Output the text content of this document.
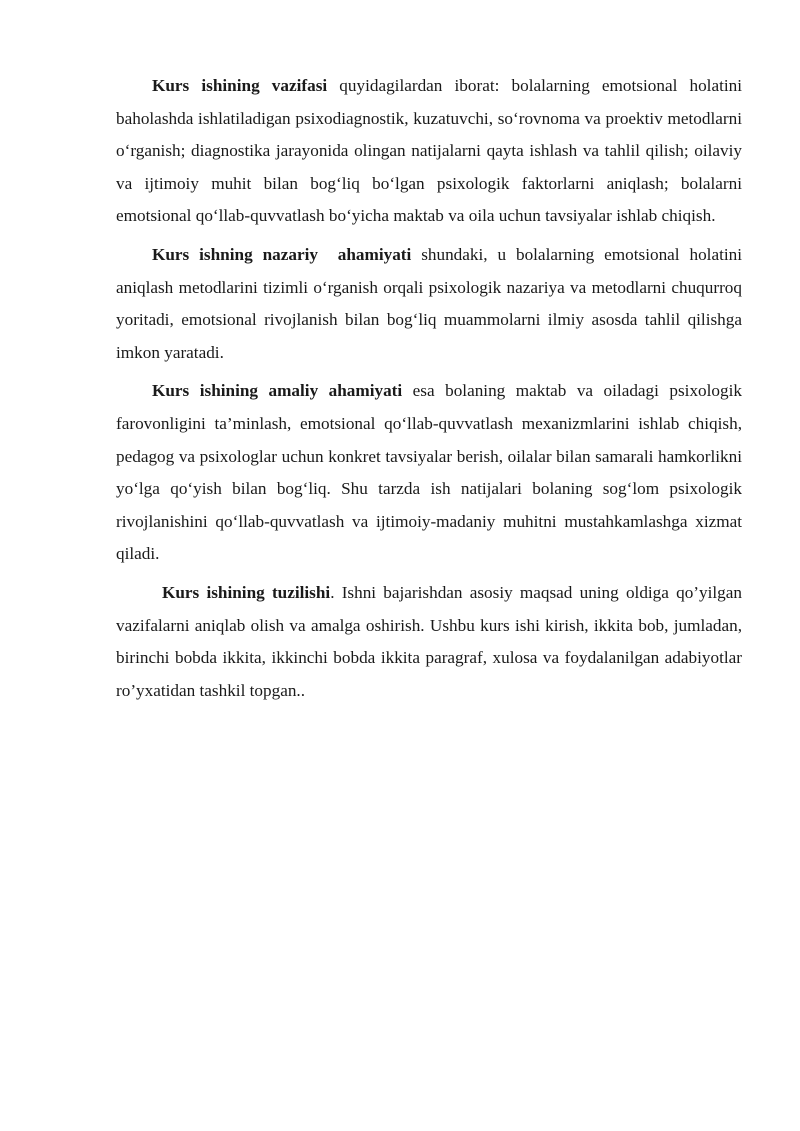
Kurs ishining vazifasi quyidagilardan iborat: bolalarning emotsional holatini baholashda ishlatiladigan psixodiagnostik, kuzatuvchi, so‘rovnoma va proektiv metodlarni o‘rganish; diagnostika jarayonida olingan natijalarni qayta ishlash va tahlil qilish; oilaviy va ijtimoiy muhit bilan bog‘liq bo‘lgan psixologik faktorlarni aniqlash; bolalarni emotsional qo‘llab-quvvatlash bo‘yicha maktab va oila uchun tavsiyalar ishlab chiqish.

Kurs ishning nazariy  ahamiyati shundaki, u bolalarning emotsional holatini aniqlash metodlarini tizimli o‘rganish orqali psixologik nazariya va metodlarni chuqurroq yoritadi, emotsional rivojlanish bilan bog‘liq muammolarni ilmiy asosda tahlil qilishga imkon yaratadi.

Kurs ishining amaliy ahamiyati esa bolaning maktab va oiladagi psixologik farovonligini ta’minlash, emotsional qo‘llab-quvvatlash mexanizmlarini ishlab chiqish, pedagog va psixologlar uchun konkret tavsiyalar berish, oilalar bilan samarali hamkorlikni yo‘lga qo‘yish bilan bog‘liq. Shu tarzda ish natijalari bolaning sog‘lom psixologik rivojlanishini qo‘llab-quvvatlash va ijtimoiy-madaniy muhitni mustahkamlashga xizmat qiladi.

Kurs ishining tuzilishi. Ishni bajarishdan asosiy maqsad uning oldiga qo’yilgan vazifalarni aniqlab olish va amalga oshirish. Ushbu kurs ishi kirish, ikkita bob, jumladan, birinchi bobda ikkita, ikkinchi bobda ikkita paragraf, xulosa va foydalanilgan adabiyotlar ro’yxatidan tashkil topgan..
